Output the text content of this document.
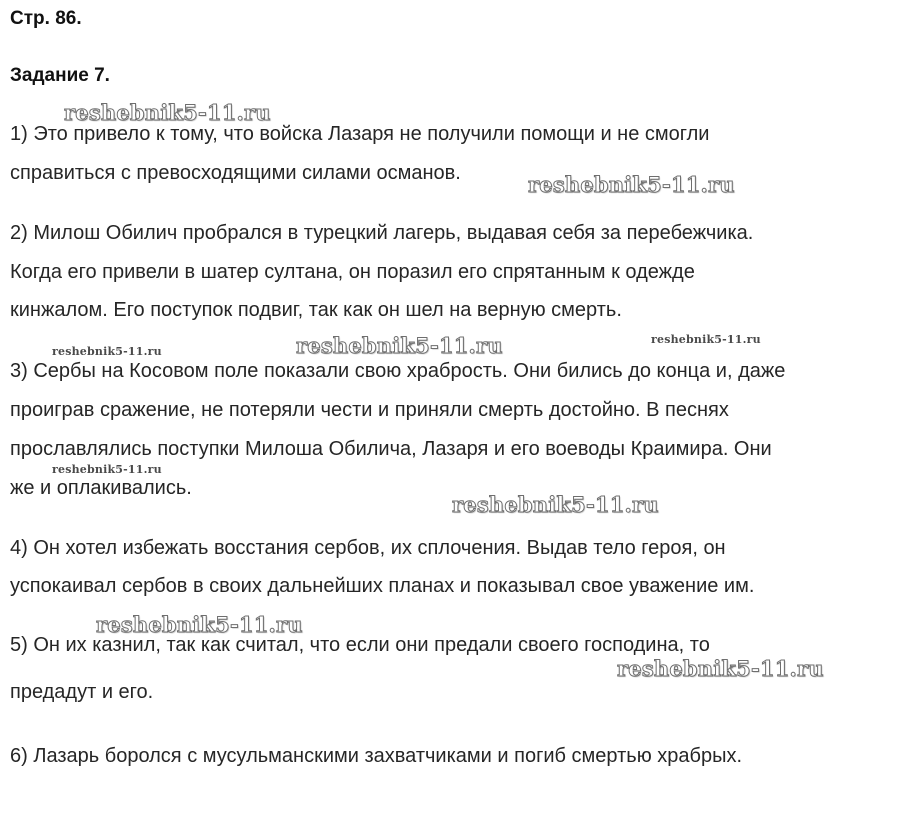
Стр. 86.
Задание 7.
1) Это привело к тому, что войска Лазаря не получили помощи и не смогли
справиться с превосходящими силами османов.
2) Милош Обилич пробрался в турецкий лагерь, выдавая себя за перебежчика.
Когда его привели в шатер султана, он поразил его спрятанным к одежде
кинжалом. Его поступок подвиг, так как он шел на верную смерть.
3) Сербы на Косовом поле показали свою храбрость. Они бились до конца и, даже
проиграв сражение, не потеряли чести и приняли смерть достойно. В песнях
прославлялись поступки Милоша Обилича, Лазаря и его воеводы Краимира. Они
же и оплакивались.
4) Он хотел избежать восстания сербов, их сплочения. Выдав тело героя, он
успокаивал сербов в своих дальнейших планах и показывал свое уважение им.
5) Он их казнил, так как считал, что если они предали своего господина, то
предадут и его.
6) Лазарь боролся с мусульманскими захватчиками и погиб смертью храбрых.
reshebnik5-11.ru
reshebnik5-11.ru
reshebnik5-11.ru	reshebnik5-11.ru	reshebnik5-11.ru
reshebnik5-11.ru
reshebnik5-11.ru
reshebnik5-11.ru
reshebnik5-11.ru
